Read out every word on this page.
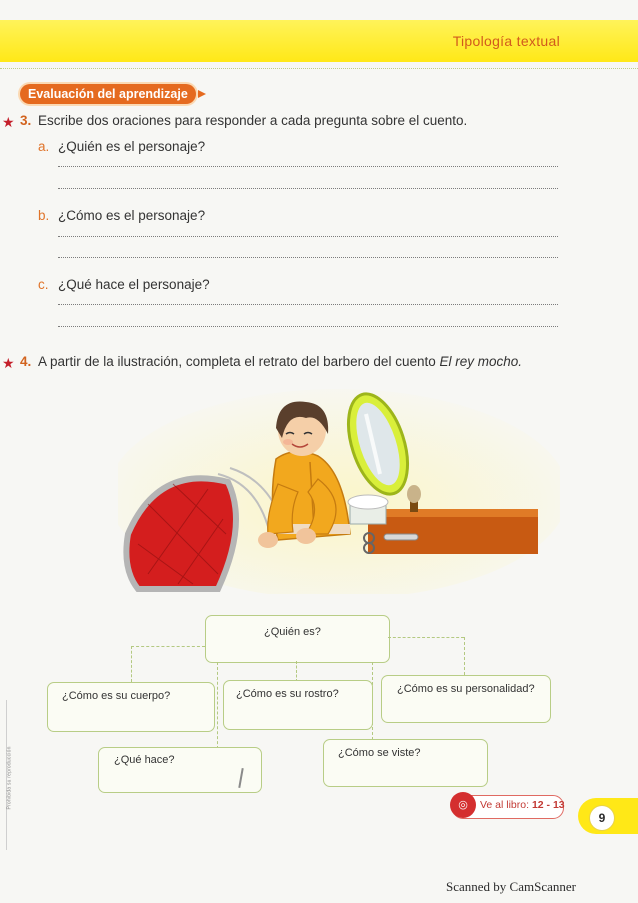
Tipología textual
Evaluación del aprendizaje
★ 3. Escribe dos oraciones para responder a cada pregunta sobre el cuento.
a. ¿Quién es el personaje?
b. ¿Cómo es el personaje?
c. ¿Qué hace el personaje?
★ 4. A partir de la ilustración, completa el retrato del barbero del cuento El rey mocho.
¿Quién es?
¿Cómo es su cuerpo?	¿Cómo es su rostro?	¿Cómo es su personalidad?
¿Qué hace?
¿Cómo se viste?
◎	Ve al libro: 12 - 13
9
Prohibida su reproducción
Scanned by CamScanner
